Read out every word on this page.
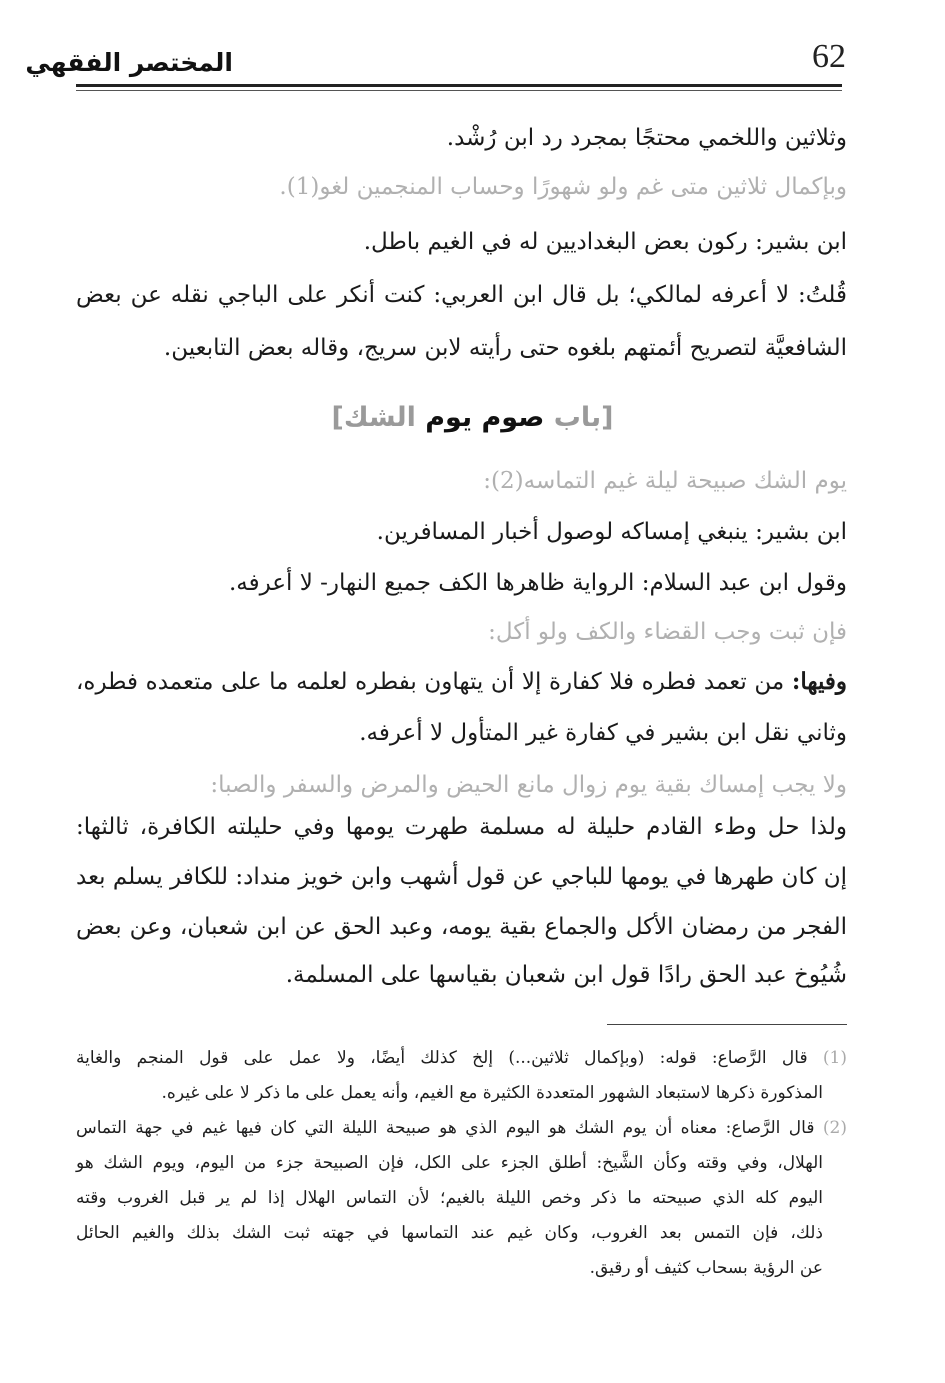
62
المختصر الفقهي
وثلاثين واللخمي محتجًا بمجرد رد ابن رُشْد.
وبإكمال ثلاثين متى غم ولو شهورًا وحساب المنجمين لغو(1).
ابن بشير: ركون بعض البغداديين له في الغيم باطل.
قُلتُ: لا أعرفه لمالكي؛ بل قال ابن العربي: كنت أنكر على الباجي نقله عن بعض
الشافعيَّة لتصريح أئمتهم بلغوه حتى رأيته لابن سريج، وقاله بعض التابعين.
[باب صوم يوم الشك]
يوم الشك صبيحة ليلة غيم التماسه(2):
ابن بشير: ينبغي إمساكه لوصول أخبار المسافرين.
وقول ابن عبد السلام: الرواية ظاهرها الكف جميع النهار- لا أعرفه.
فإن ثبت وجب القضاء والكف ولو أكل:
وفيها: من تعمد فطره فلا كفارة إلا أن يتهاون بفطره لعلمه ما على متعمده فطره،
وثاني نقل ابن بشير في كفارة غير المتأول لا أعرفه.
ولا يجب إمساك بقية يوم زوال مانع الحيض والمرض والسفر والصبا:
ولذا حل وطء القادم حليلة له مسلمة طهرت يومها وفي حليلته الكافرة، ثالثها:
إن كان طهرها في يومها للباجي عن قول أشهب وابن خويز منداد: للكافر يسلم بعد
الفجر من رمضان الأكل والجماع بقية يومه، وعبد الحق عن ابن شعبان، وعن بعض
شُيُوخ عبد الحق رادًا قول ابن شعبان بقياسها على المسلمة.
(1) قال الرَّصاع: قوله: (وبإكمال ثلاثين...) إلخ كذلك أيضًا، ولا عمل على قول المنجم والغاية
المذكورة ذكرها لاستبعاد الشهور المتعددة الكثيرة مع الغيم، وأنه يعمل على ما ذكر لا على غيره.
(2) قال الرَّصاع: معناه أن يوم الشك هو اليوم الذي هو صبيحة الليلة التي كان فيها غيم في جهة التماس
الهلال، وفي وقته وكأن الشَّيخ: أطلق الجزء على الكل، فإن الصبيحة جزء من اليوم، ويوم الشك هو
اليوم كله الذي صبيحته ما ذكر وخص الليلة بالغيم؛ لأن التماس الهلال إذا لم ير قبل الغروب وقته
ذلك، فإن التمس بعد الغروب، وكان غيم عند التماسها في جهته ثبت الشك بذلك والغيم الحائل
عن الرؤية بسحاب كثيف أو رقيق.
